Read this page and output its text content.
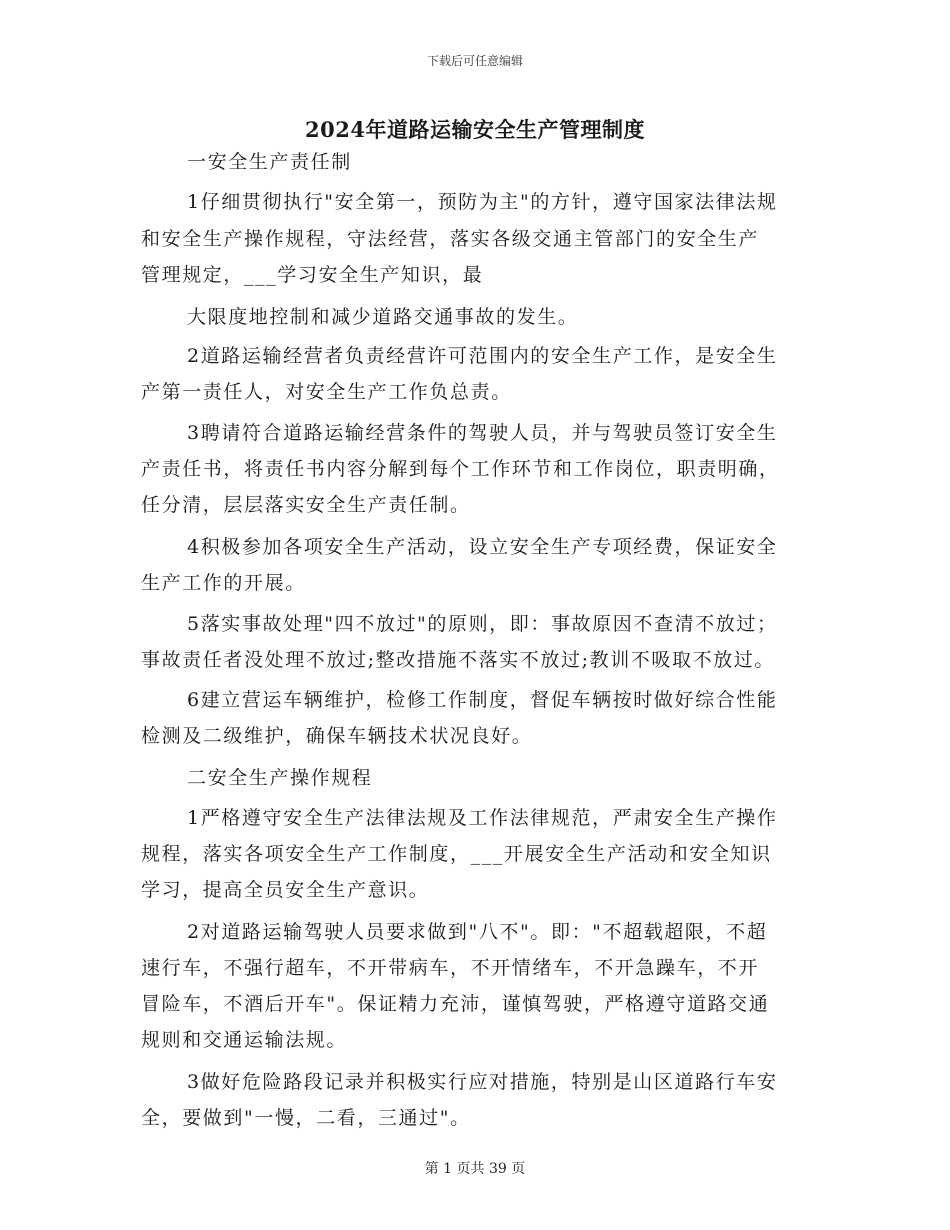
下载后可任意编辑
2024年道路运输安全生产管理制度
一安全生产责任制
1仔细贯彻执行"安全第一，预防为主"的方针，遵守国家法律法规
和安全生产操作规程，守法经营，落实各级交通主管部门的安全生产
管理规定，___学习安全生产知识，最
大限度地控制和减少道路交通事故的发生。
2道路运输经营者负责经营许可范围内的安全生产工作，是安全生
产第一责任人，对安全生产工作负总责。
3聘请符合道路运输经营条件的驾驶人员，并与驾驶员签订安全生
产责任书，将责任书内容分解到每个工作环节和工作岗位，职责明确，
任分清，层层落实安全生产责任制。
4积极参加各项安全生产活动，设立安全生产专项经费，保证安全
生产工作的开展。
5落实事故处理"四不放过"的原则，即：事故原因不查清不放过；
事故责任者没处理不放过;整改措施不落实不放过;教训不吸取不放过。
6建立营运车辆维护，检修工作制度，督促车辆按时做好综合性能
检测及二级维护，确保车辆技术状况良好。
二安全生产操作规程
1严格遵守安全生产法律法规及工作法律规范，严肃安全生产操作
规程，落实各项安全生产工作制度，___开展安全生产活动和安全知识
学习，提高全员安全生产意识。
2对道路运输驾驶人员要求做到"八不"。即："不超载超限，不超
速行车，不强行超车，不开带病车，不开情绪车，不开急躁车，不开
冒险车，不酒后开车"。保证精力充沛，谨慎驾驶，严格遵守道路交通
规则和交通运输法规。
3做好危险路段记录并积极实行应对措施，特别是山区道路行车安
全，要做到"一慢，二看，三通过"。
第 1 页共 39 页
